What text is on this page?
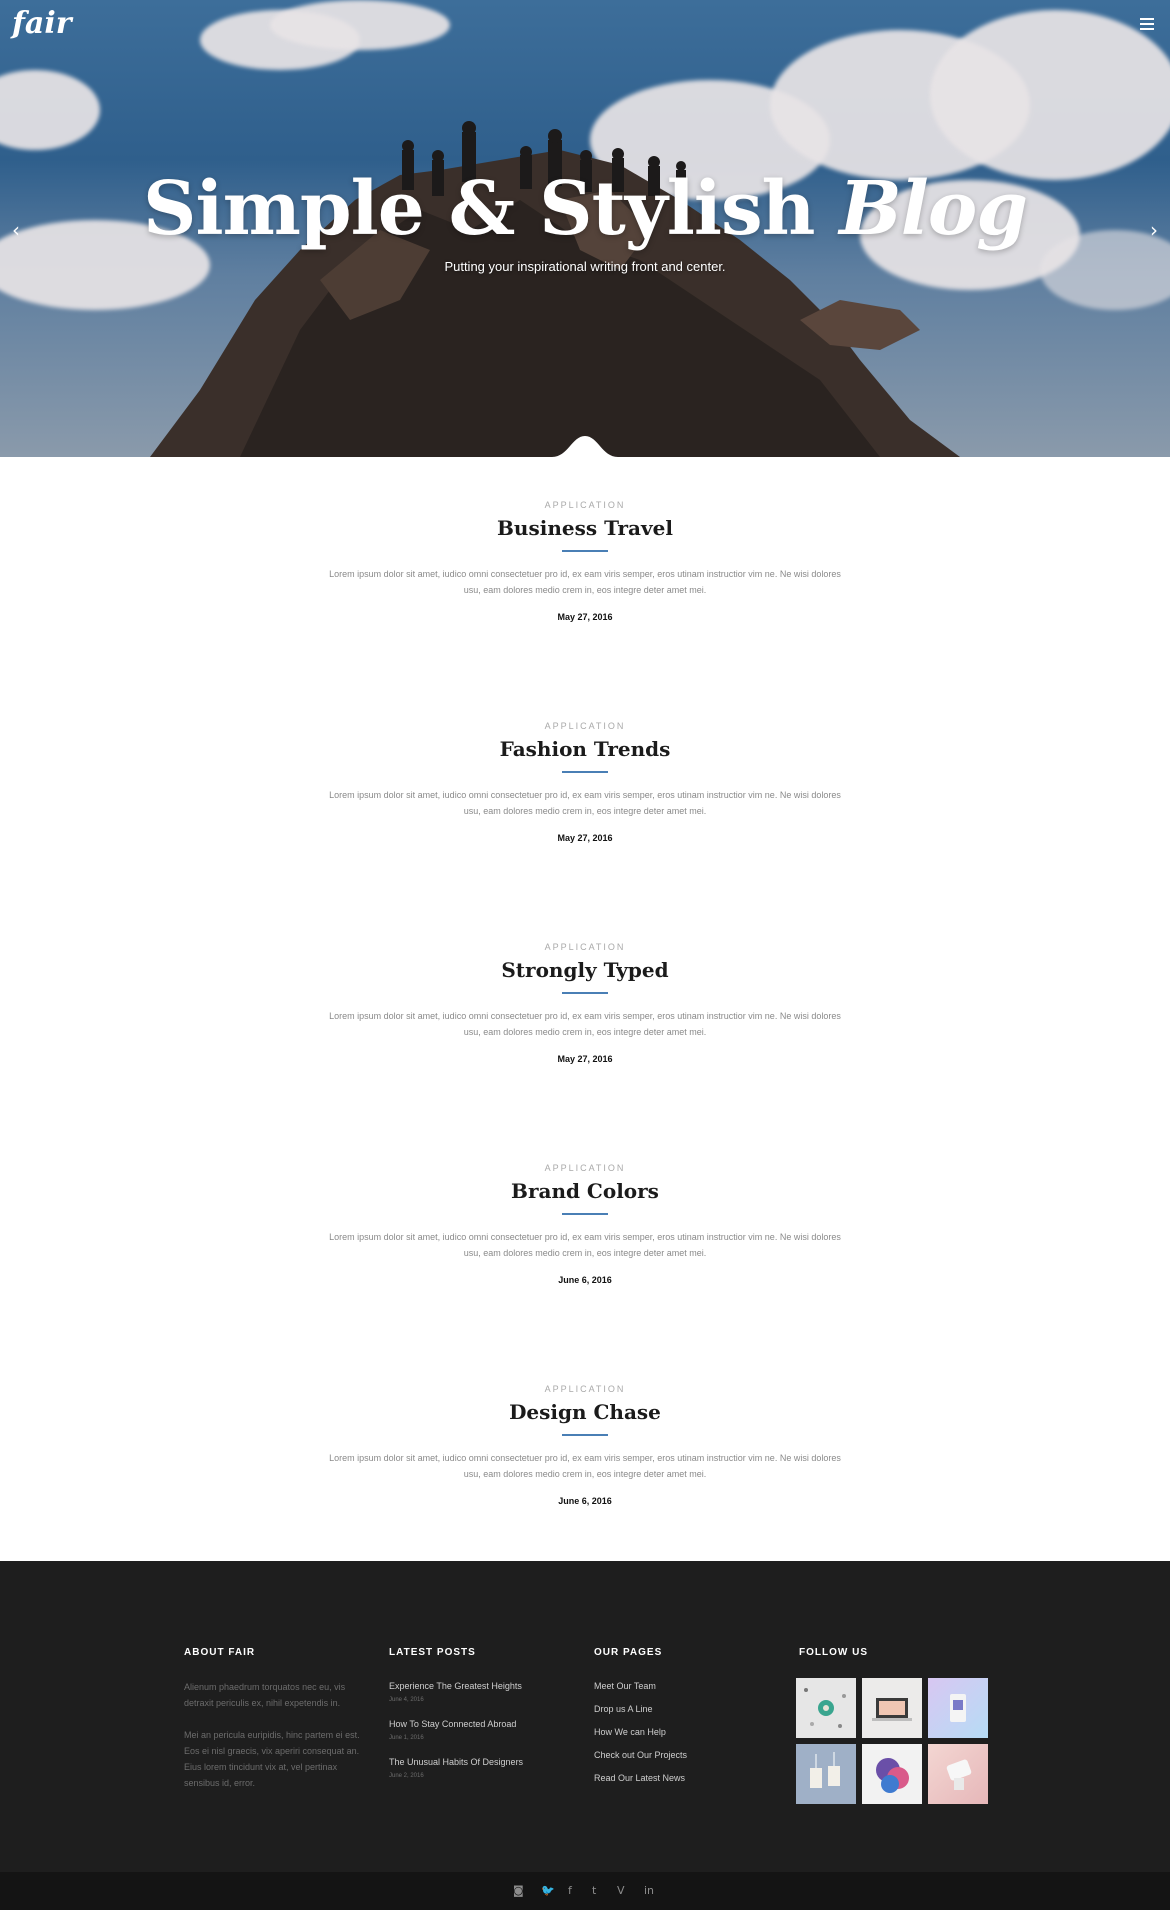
fair
‹	›
Simple & Stylish Blog
Putting your inspirational writing front and center.
APPLICATION
Business Travel

Lorem ipsum dolor sit amet, iudico omni consectetuer pro id, ex eam viris semper, eros utinam instructior vim ne. Ne wisi dolores usu, eam dolores medio crem in, eos integre deter amet mei.

May 27, 2016
APPLICATION
Fashion Trends

Lorem ipsum dolor sit amet, iudico omni consectetuer pro id, ex eam viris semper, eros utinam instructior vim ne. Ne wisi dolores usu, eam dolores medio crem in, eos integre deter amet mei.

May 27, 2016
APPLICATION
Strongly Typed

Lorem ipsum dolor sit amet, iudico omni consectetuer pro id, ex eam viris semper, eros utinam instructior vim ne. Ne wisi dolores usu, eam dolores medio crem in, eos integre deter amet mei.

May 27, 2016
APPLICATION
Brand Colors

Lorem ipsum dolor sit amet, iudico omni consectetuer pro id, ex eam viris semper, eros utinam instructior vim ne. Ne wisi dolores usu, eam dolores medio crem in, eos integre deter amet mei.

June 6, 2016
APPLICATION
Design Chase

Lorem ipsum dolor sit amet, iudico omni consectetuer pro id, ex eam viris semper, eros utinam instructior vim ne. Ne wisi dolores usu, eam dolores medio crem in, eos integre deter amet mei.

June 6, 2016
ABOUT FAIR

Alienum phaedrum torquatos nec eu, vis detraxit periculis ex, nihil expetendis in.

Mei an pericula euripidis, hinc partem ei est. Eos ei nisl graecis, vix aperiri consequat an. Eius lorem tincidunt vix at, vel pertinax sensibus id, error.

LATEST POSTS
Experience The Greatest Heights
June 4, 2016
How To Stay Connected Abroad
June 1, 2016
The Unusual Habits Of Designers
June 2, 2016
OUR PAGES
Meet Our Team
Drop us A Line
How We can Help
Check out Our Projects
Read Our Latest News
FOLLOW US
◙ 🐦 f t V in
